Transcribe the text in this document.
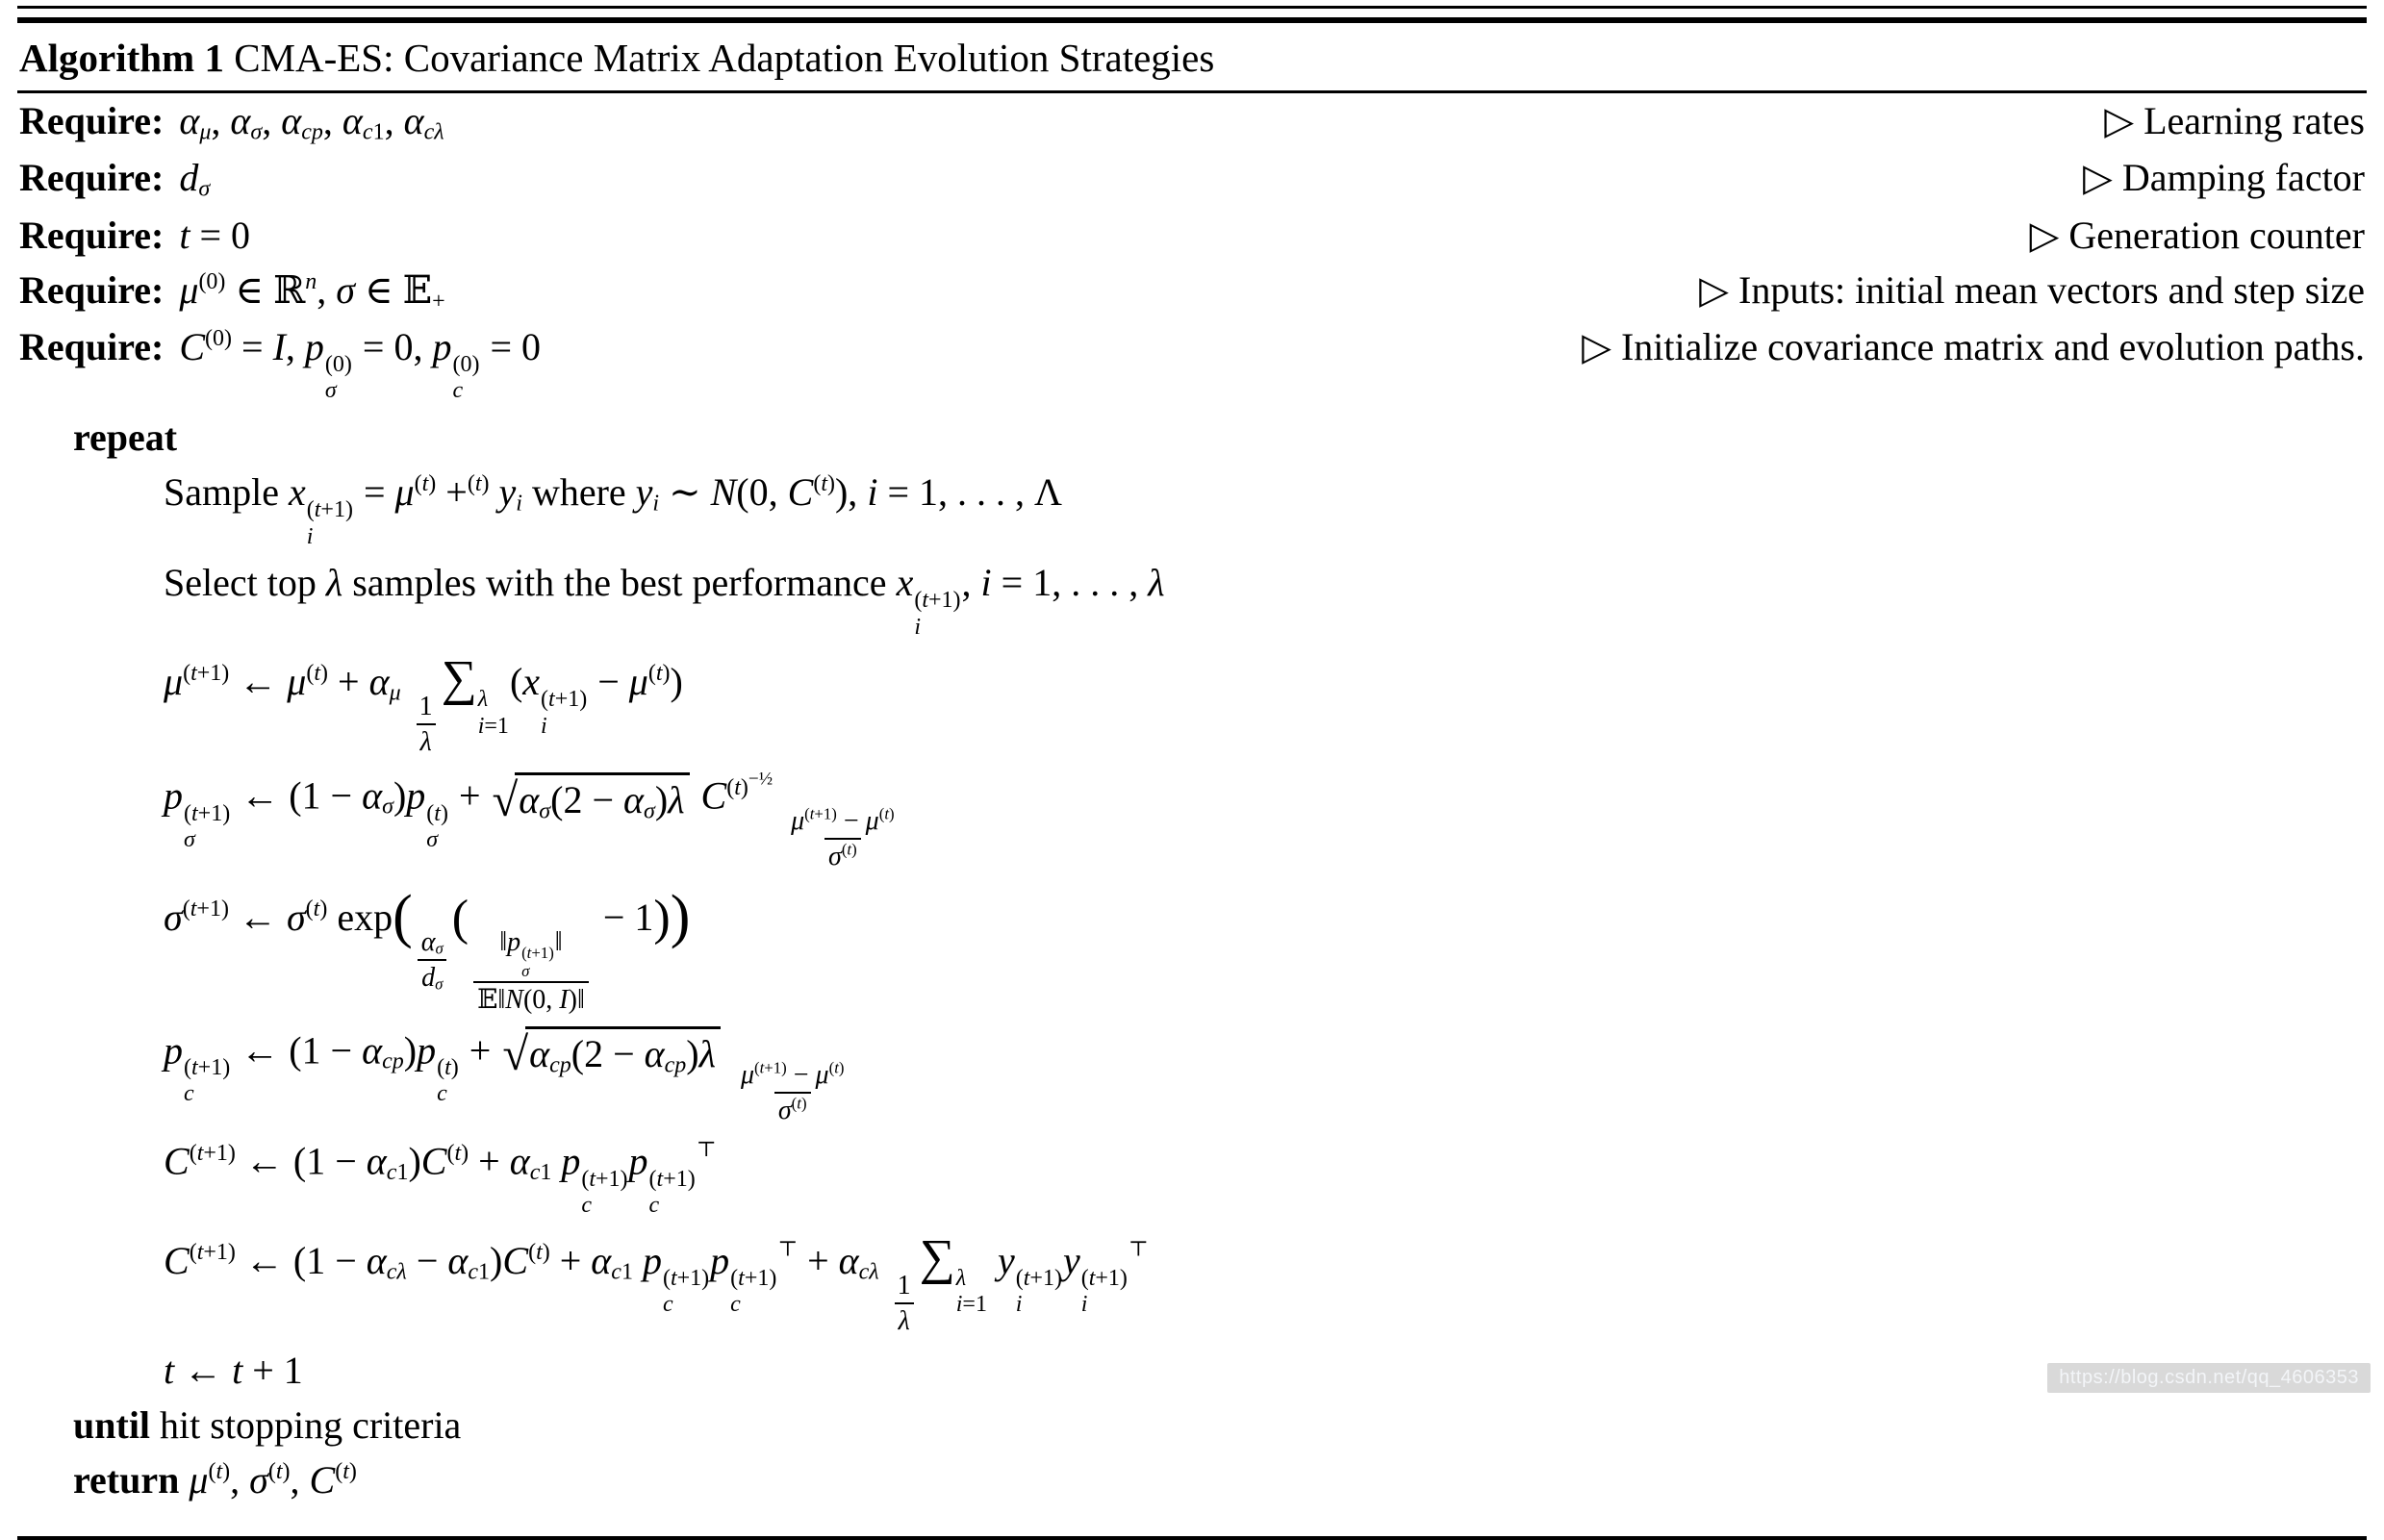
Algorithm 1 CMA-ES: Covariance Matrix Adaptation Evolution Strategies
Require: $\alpha_\mu$, $\alpha_\sigma$, $\alpha_{cp}$, $\alpha_{c1}$, $\alpha_{c\lambda}$	▷ Learning rates
Require: $d_\sigma$	▷ Damping factor
Require: t = 0	▷ Generation counter
Require: $\mu^{(0)}$ ∈ ℝ$^n$, σ ∈ 𝔼$_+$	▷ Inputs: initial mean vectors and step size
Require: $C^{(0)} = I$, p (0)
σ
= 0, p (0)
c
= 0	▷ Initialize covariance matrix and evolution paths.
repeat
Sample x (t+1)
i
= $\mu^{(t)} +^{(t)}$ $y_i$ where $y_i$ ∼ N(0, $C^{(t)}$), i = 1, . . . , Λ
Select top λ samples with the best performance x (t+1)
i
, i = 1, . . . , λ
$\mu^{(t+1)}$ ← $\mu^{(t)} + \alpha_\mu \frac{1}{\lambda}$
∑ λ
i=1
(x (t+1)
i
− $\mu^{(t)}$)
p (t+1)
σ
← $(1 - \alpha_\sigma)p$ (t)
σ
+ √ $\alpha_\sigma(2 - \alpha_\sigma)\lambda$ $C^{(t)^{-\frac{1}{2}}}$
$\frac{\mu^{(t+1)} - \mu^{(t)}}{\sigma^{(t)}}$
$\sigma^{(t+1)}$ ← $\sigma^{(t)}$ exp(
$\frac{\alpha_\sigma}{d_\sigma}$
(
‖p (t+1)
σ
‖
𝔼‖N(0, I)‖
− 1))
p (t+1)
c
← $(1 - \alpha_{cp})p$ (t)
c
+ √ $\alpha_{cp}(2 - \alpha_{cp})\lambda$

$\frac{\mu^{(t+1)} - \mu^{(t)}}{\sigma^{(t)}}$
$C^{(t+1)}$ ← $(1 - \alpha_{c1})C^{(t)} + \alpha_{c1}$ p (t+1)
c
p (t+1)
c
⊤
$C^{(t+1)}$ ← $(1 - \alpha_{c\lambda} - \alpha_{c1})C^{(t)} + \alpha_{c1}$ p (t+1)
c
p (t+1)
c
$^⊤ + \alpha_{c\lambda} \frac{1}{\lambda}$
∑ λ
i=1
y (t+1)
i
y (t+1)
i
⊤
t ← t + 1
until hit stopping criteria
return $\mu^{(t)}$, $\sigma^{(t)}$, $C^{(t)}$
https://blog.csdn.net/qq_4606353
